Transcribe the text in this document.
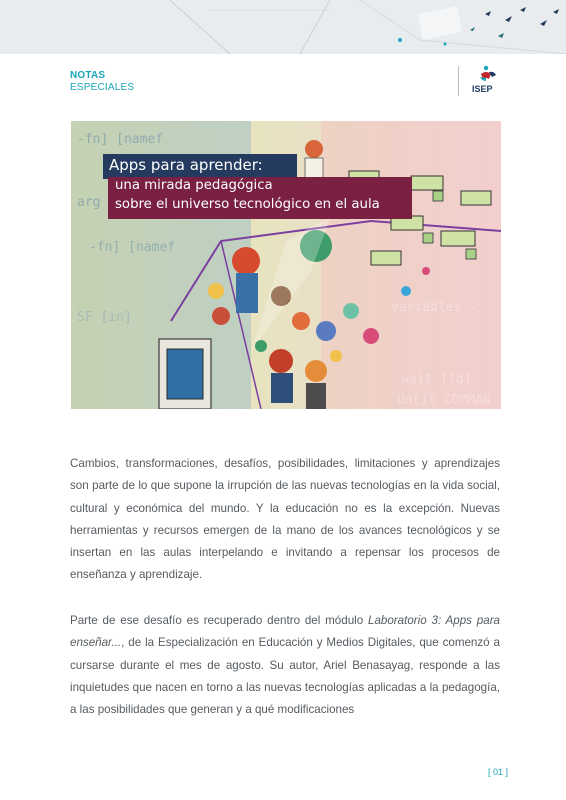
NOTAS
ESPECIALES	ISEP
-fn] [namef
arg
-fn] [namef
SF [in]
variables -
wait [ld]
Until COMMAN
Apps para aprender:
una mirada pedagógica
sobre el universo tecnológico en el aula
Cambios, transformaciones, desafíos, posibilidades, limitaciones y aprendizajes son parte de lo que supone la irrupción de las nuevas tecnologías en la vida social, cultural y económica del mundo. Y la educación no es la excepción. Nuevas herramientas y recursos emergen de la mano de los avances tecnológicos y se insertan en las aulas interpelando e invitando a repensar los procesos de enseñanza y aprendizaje.
Parte de ese desafío es recuperado dentro del módulo Laboratorio 3: Apps para enseñar..., de la Especialización en Educación y Medios Digitales, que comenzó a cursarse durante el mes de agosto. Su autor, Ariel Benasayag, responde a las inquietudes que nacen en torno a las nuevas tecnologías aplicadas a la pedagogía, a las posibilidades que generan y a qué modificaciones
[ 01 ]
